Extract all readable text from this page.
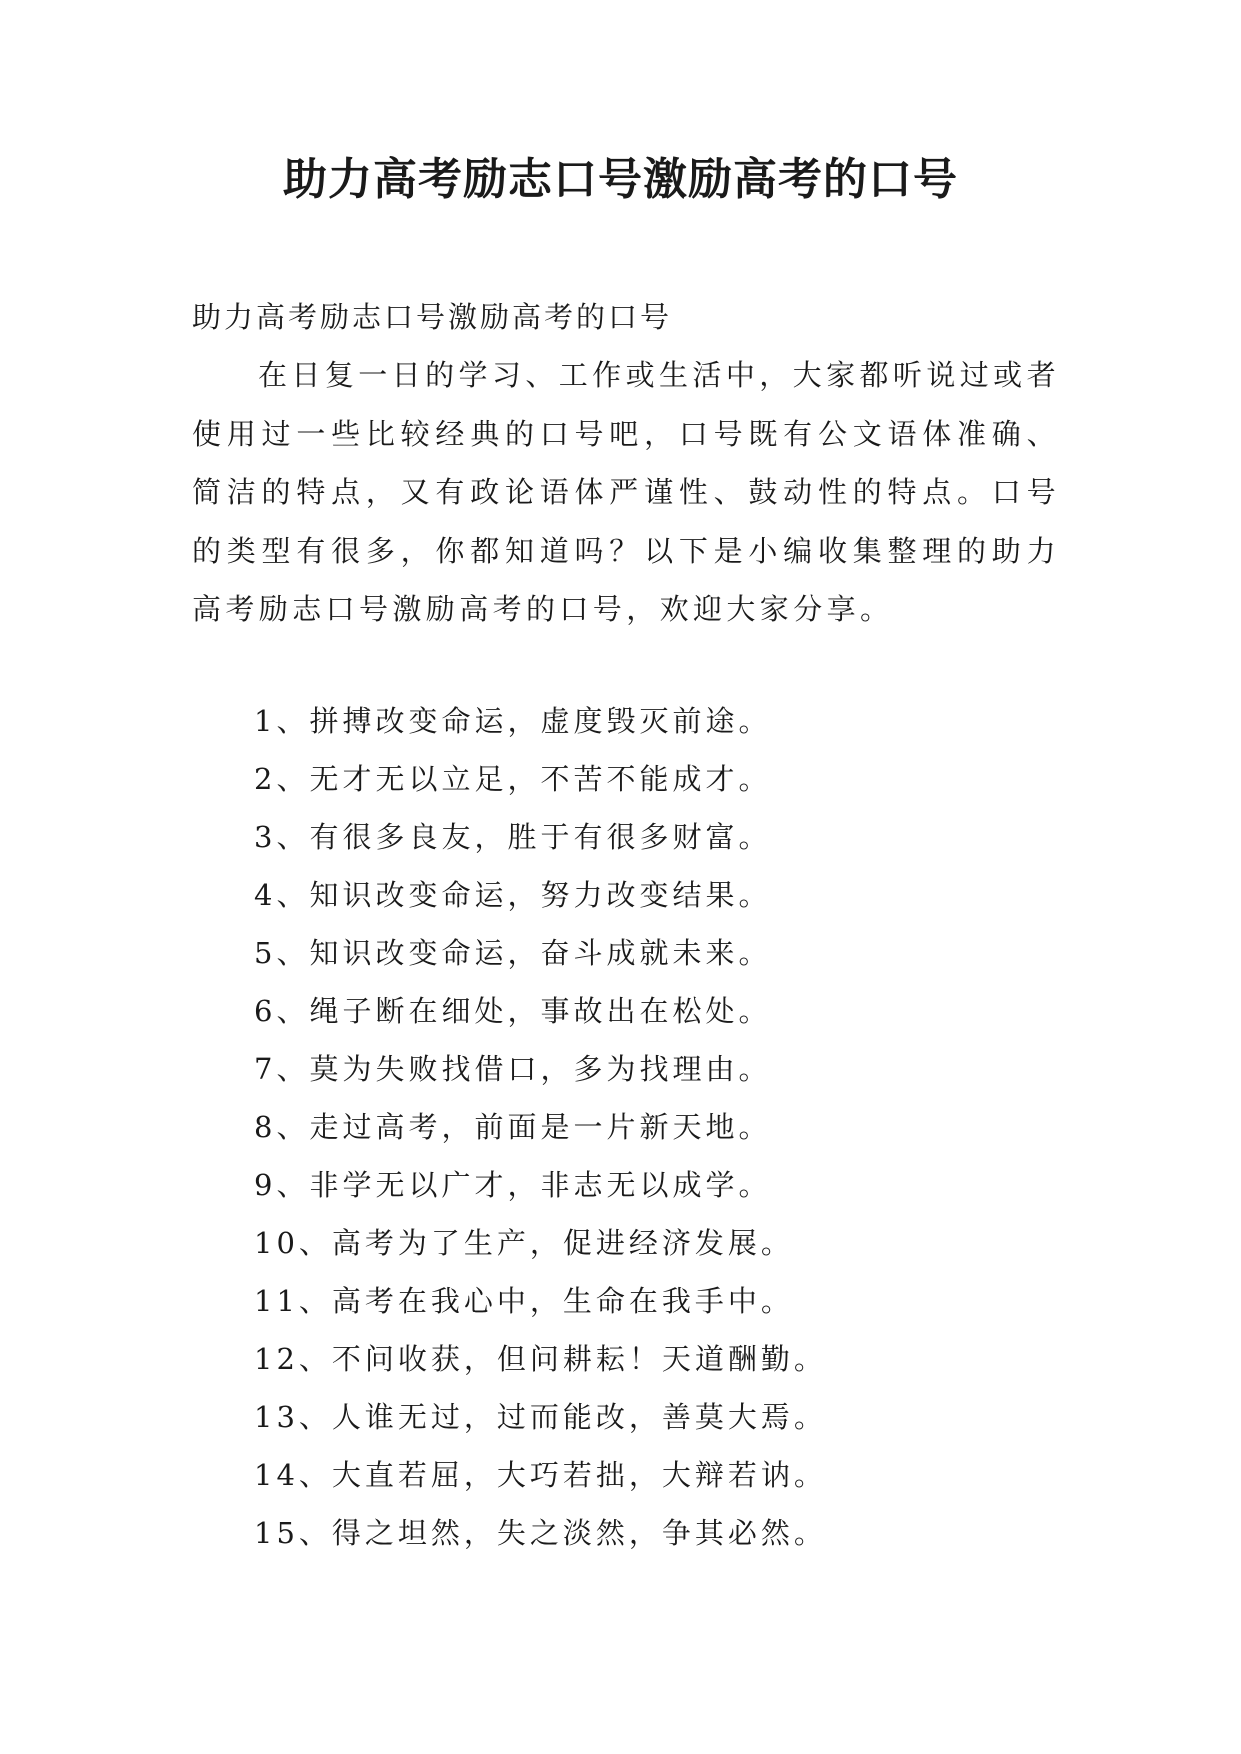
助力高考励志口号激励高考的口号

助力高考励志口号激励高考的口号

在日复一日的学习、工作或生活中，大家都听说过或者使用过一些比较经典的口号吧，口号既有公文语体准确、简洁的特点，又有政论语体严谨性、鼓动性的特点。口号的类型有很多，你都知道吗？以下是小编收集整理的助力高考励志口号激励高考的口号，欢迎大家分享。

1、拼搏改变命运，虚度毁灭前途。
2、无才无以立足，不苦不能成才。
3、有很多良友，胜于有很多财富。
4、知识改变命运，努力改变结果。
5、知识改变命运，奋斗成就未来。
6、绳子断在细处，事故出在松处。
7、莫为失败找借口，多为找理由。
8、走过高考，前面是一片新天地。
9、非学无以广才，非志无以成学。
10、高考为了生产，促进经济发展。
11、高考在我心中，生命在我手中。
12、不问收获，但问耕耘！天道酬勤。
13、人谁无过，过而能改，善莫大焉。
14、大直若屈，大巧若拙，大辩若讷。
15、得之坦然，失之淡然，争其必然。
